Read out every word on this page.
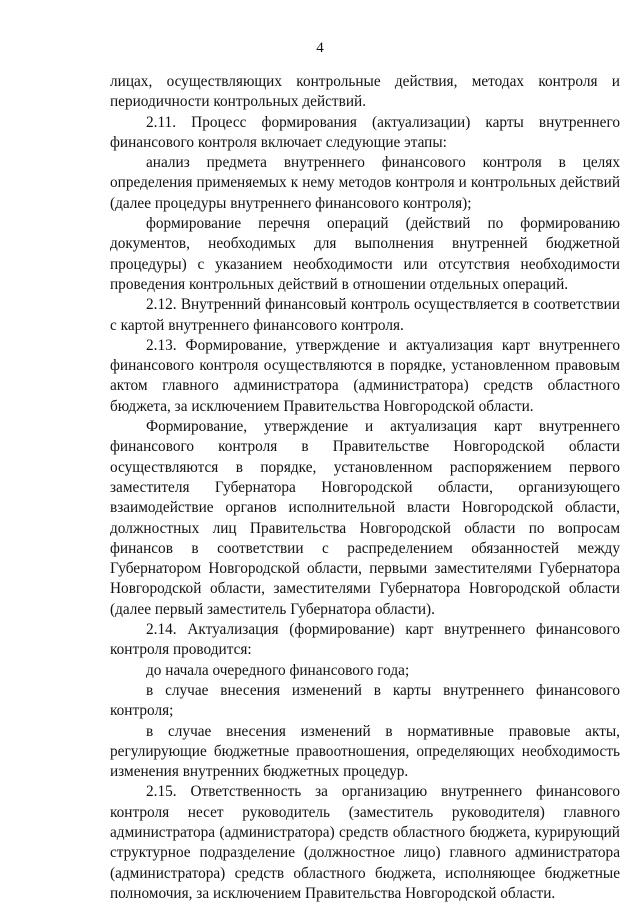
4

лицах, осуществляющих контрольные действия, методах контроля и периодичности контрольных действий.

2.11. Процесс формирования (актуализации) карты внутреннего финансового контроля включает следующие этапы:

анализ предмета внутреннего финансового контроля в целях определения применяемых к нему методов контроля и контрольных действий (далее процедуры внутреннего финансового контроля);

формирование перечня операций (действий по формированию документов, необходимых для выполнения внутренней бюджетной процедуры) с указанием необходимости или отсутствия необходимости проведения контрольных действий в отношении отдельных операций.

2.12. Внутренний финансовый контроль осуществляется в соответствии с картой внутреннего финансового контроля.

2.13. Формирование, утверждение и актуализация карт внутреннего финансового контроля осуществляются в порядке, установленном правовым актом главного администратора (администратора) средств областного бюджета, за исключением Правительства Новгородской области.

Формирование, утверждение и актуализация карт внутреннего финансового контроля в Правительстве Новгородской области осуществляются в порядке, установленном распоряжением первого заместителя Губернатора Новгородской области, организующего взаимодействие органов исполнительной власти Новгородской области, должностных лиц Правительства Новгородской области по вопросам финансов в соответствии с распределением обязанностей между Губернатором Новгородской области, первыми заместителями Губернатора Новгородской области, заместителями Губернатора Новгородской области (далее первый заместитель Губернатора области).

2.14. Актуализация (формирование) карт внутреннего финансового контроля проводится:

до начала очередного финансового года;

в случае внесения изменений в карты внутреннего финансового контроля;

в случае внесения изменений в нормативные правовые акты, регулирующие бюджетные правоотношения, определяющих необходимость изменения внутренних бюджетных процедур.

2.15. Ответственность за организацию внутреннего финансового контроля несет руководитель (заместитель руководителя) главного администратора (администратора) средств областного бюджета, курирующий структурное подразделение (должностное лицо) главного администратора (администратора) средств областного бюджета, исполняющее бюджетные полномочия, за исключением Правительства Новгородской области.
